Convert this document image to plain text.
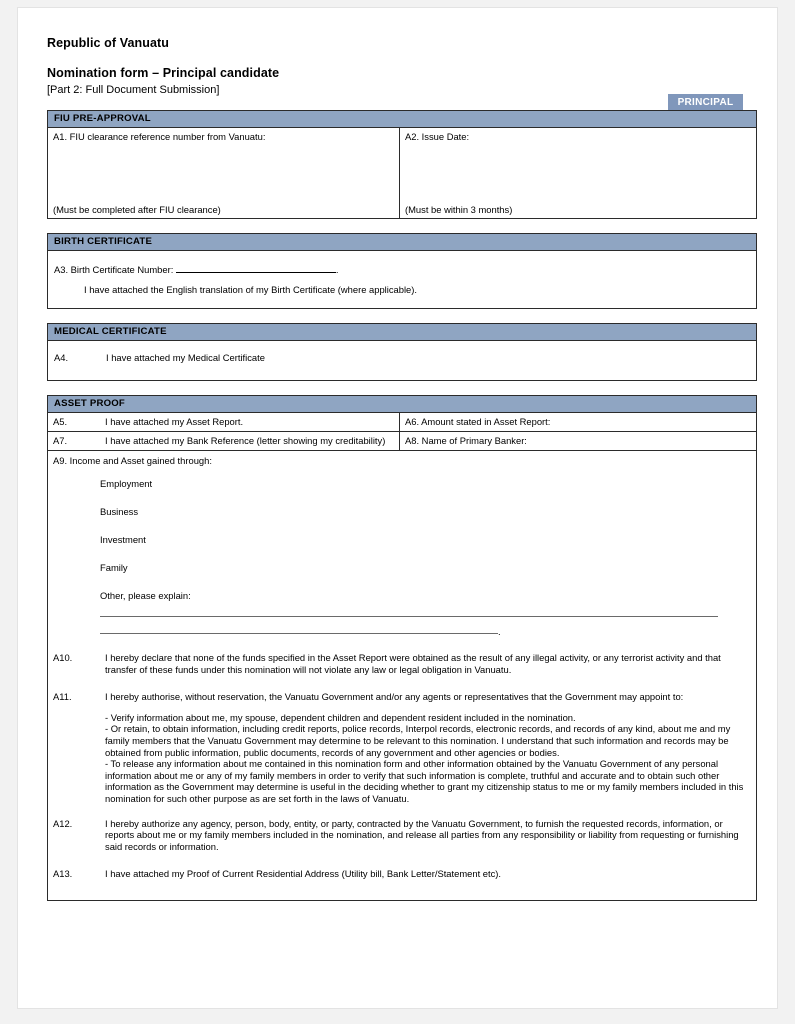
Republic of Vanuatu

Nomination form – Principal candidate

[Part 2: Full Document Submission]

PRINCIPAL
FIU PRE-APPROVAL
A1. FIU clearance reference number from Vanuatu:
(Must be completed after FIU clearance)
A2. Issue Date:
(Must be within 3 months)
BIRTH CERTIFICATE
A3. Birth Certificate Number:	.
I have attached the English translation of my Birth Certificate (where applicable).
MEDICAL CERTIFICATE
A4.	I have attached my Medical Certificate
ASSET PROOF
A5.	I have attached my Asset Report.	A6. Amount stated in Asset Report:
A7.	I have attached my Bank Reference (letter showing my creditability)	A8. Name of Primary Banker:
A9. Income and Asset gained through:
Employment
Business
Investment
Family
Other, please explain:
.
A10.	I hereby declare that none of the funds specified in the Asset Report were obtained as the result of any illegal activity, or any terrorist activity and that transfer of these funds under this nomination will not violate any law or legal obligation in Vanuatu.

A11.	I hereby authorise, without reservation, the Vanuatu Government and/or any agents or representatives that the Government may appoint to:

- Verify information about me, my spouse, dependent children and dependent resident included in the nomination.
- Or retain, to obtain information, including credit reports, police records, Interpol records, electronic records, and records of any kind, about me and my family members that the Vanuatu Government may determine to be relevant to this nomination. I understand that such information and records may be obtained from public information, public documents, records of any government and other agencies or bodies.
- To release any information about me contained in this nomination form and other information obtained by the Vanuatu Government of any personal information about me or any of my family members in order to verify that such information is complete, truthful and accurate and to obtain such other information as the Government may determine is useful in the deciding whether to grant my citizenship status to me or my family members included in this nomination for such other purpose as are set forth in the laws of Vanuatu.
A12.	I hereby authorize any agency, person, body, entity, or party, contracted by the Vanuatu Government, to furnish the requested records, information, or reports about me or my family members included in the nomination, and release all parties from any responsibility or liability from requesting or furnishing said records or information.

A13.	I have attached my Proof of Current Residential Address (Utility bill, Bank Letter/Statement etc).
